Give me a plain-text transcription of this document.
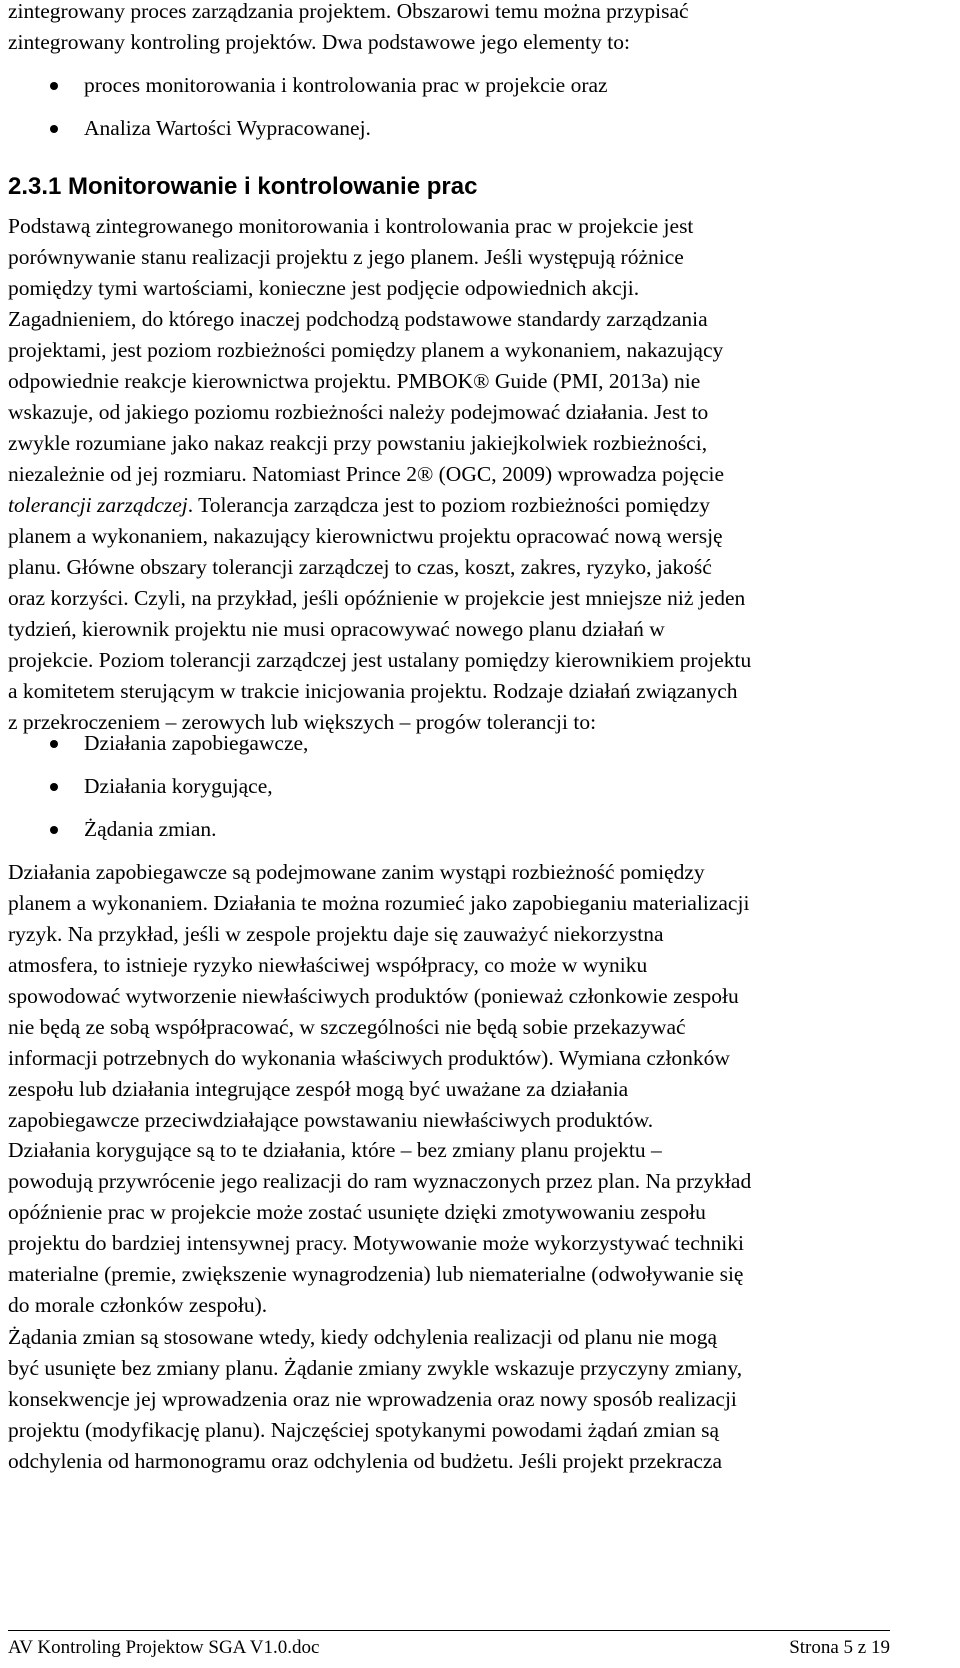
zintegrowany proces zarządzania projektem. Obszarowi temu można przypisać

zintegrowany kontroling projektów. Dwa podstawowe jego elementy to:

proces monitorowania i kontrolowania prac w projekcie oraz
Analiza Wartości Wypracowanej.
2.3.1 Monitorowanie i kontrolowanie prac

Podstawą zintegrowanego monitorowania i kontrolowania prac w projekcie jest

porównywanie stanu realizacji projektu z jego planem. Jeśli występują różnice

pomiędzy tymi wartościami, konieczne jest podjęcie odpowiednich akcji.

Zagadnieniem, do którego inaczej podchodzą podstawowe standardy zarządzania

projektami, jest poziom rozbieżności pomiędzy planem a wykonaniem, nakazujący

odpowiednie reakcje kierownictwa projektu. PMBOK® Guide (PMI, 2013a) nie

wskazuje, od jakiego poziomu rozbieżności należy podejmować działania. Jest to

zwykle rozumiane jako nakaz reakcji przy powstaniu jakiejkolwiek rozbieżności,

niezależnie od jej rozmiaru. Natomiast Prince 2® (OGC, 2009) wprowadza pojęcie

tolerancji zarządczej. Tolerancja zarządcza jest to poziom rozbieżności pomiędzy

planem a wykonaniem, nakazujący kierownictwu projektu opracować nową wersję

planu. Główne obszary tolerancji zarządczej to czas, koszt, zakres, ryzyko, jakość

oraz korzyści. Czyli, na przykład, jeśli opóźnienie w projekcie jest mniejsze niż jeden

tydzień, kierownik projektu nie musi opracowywać nowego planu działań w

projekcie. Poziom tolerancji zarządczej jest ustalany pomiędzy kierownikiem projektu

a komitetem sterującym w trakcie inicjowania projektu. Rodzaje działań związanych

z przekroczeniem – zerowych lub większych – progów tolerancji to:

Działania zapobiegawcze,
Działania korygujące,
Żądania zmian.

Działania zapobiegawcze są podejmowane zanim wystąpi rozbieżność pomiędzy

planem a wykonaniem. Działania te można rozumieć jako zapobieganiu materializacji

ryzyk. Na przykład, jeśli w zespole projektu daje się zauważyć niekorzystna

atmosfera, to istnieje ryzyko niewłaściwej współpracy, co może w wyniku

spowodować wytworzenie niewłaściwych produktów (ponieważ członkowie zespołu

nie będą ze sobą współpracować, w szczególności nie będą sobie przekazywać

informacji potrzebnych do wykonania właściwych produktów). Wymiana członków

zespołu lub działania integrujące zespół mogą być uważane za działania

zapobiegawcze przeciwdziałające powstawaniu niewłaściwych produktów.

Działania korygujące są to te działania, które – bez zmiany planu projektu –

powodują przywrócenie jego realizacji do ram wyznaczonych przez plan. Na przykład

opóźnienie prac w projekcie może zostać usunięte dzięki zmotywowaniu zespołu

projektu do bardziej intensywnej pracy. Motywowanie może wykorzystywać techniki

materialne (premie, zwiększenie wynagrodzenia) lub niematerialne (odwoływanie się

do morale członków zespołu).

Żądania zmian są stosowane wtedy, kiedy odchylenia realizacji od planu nie mogą

być usunięte bez zmiany planu. Żądanie zmiany zwykle wskazuje przyczyny zmiany,

konsekwencje jej wprowadzenia oraz nie wprowadzenia oraz nowy sposób realizacji

projektu (modyfikację planu). Najczęściej spotykanymi powodami żądań zmian są

odchylenia od harmonogramu oraz odchylenia od budżetu. Jeśli projekt przekracza

AV Kontroling Projektow SGA V1.0.doc	Strona 5 z 19
